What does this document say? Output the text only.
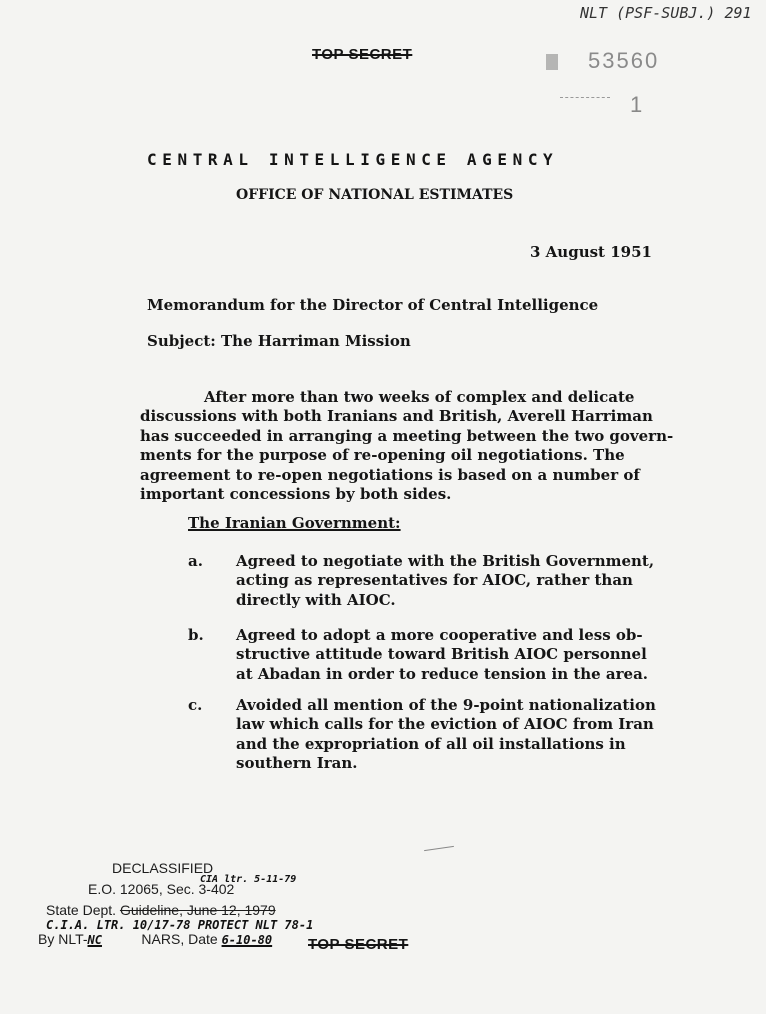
NLT (PSF-SUBJ.) 291
TOP SECRET	53560
1
CENTRAL INTELLIGENCE AGENCY
OFFICE OF NATIONAL ESTIMATES
3 August 1951
Memorandum for the Director of Central Intelligence
Subject: The Harriman Mission
After more than two weeks of complex and delicate
discussions with both Iranians and British, Averell Harriman
has succeeded in arranging a meeting between the two govern-
ments for the purpose of re-opening oil negotiations. The
agreement to re-open negotiations is based on a number of
important concessions by both sides.
The Iranian Government:
a. Agreed to negotiate with the British Government,
acting as representatives for AIOC, rather than
directly with AIOC.
b. Agreed to adopt a more cooperative and less ob-
structive attitude toward British AIOC personnel
at Abadan in order to reduce tension in the area.
c. Avoided all mention of the 9-point nationalization
law which calls for the eviction of AIOC from Iran
and the expropriation of all oil installations in
southern Iran.
DECLASSIFIED
E.O. 12065, Sec. 3-402
CIA ltr. 5-11-79
State Dept. Guideline, June 12, 1979
C.I.A. LTR. 10/17-78 PROTECT NLT 78-1
By NLT-NC	NARS, Date 6-10-80 TOP SECRET
